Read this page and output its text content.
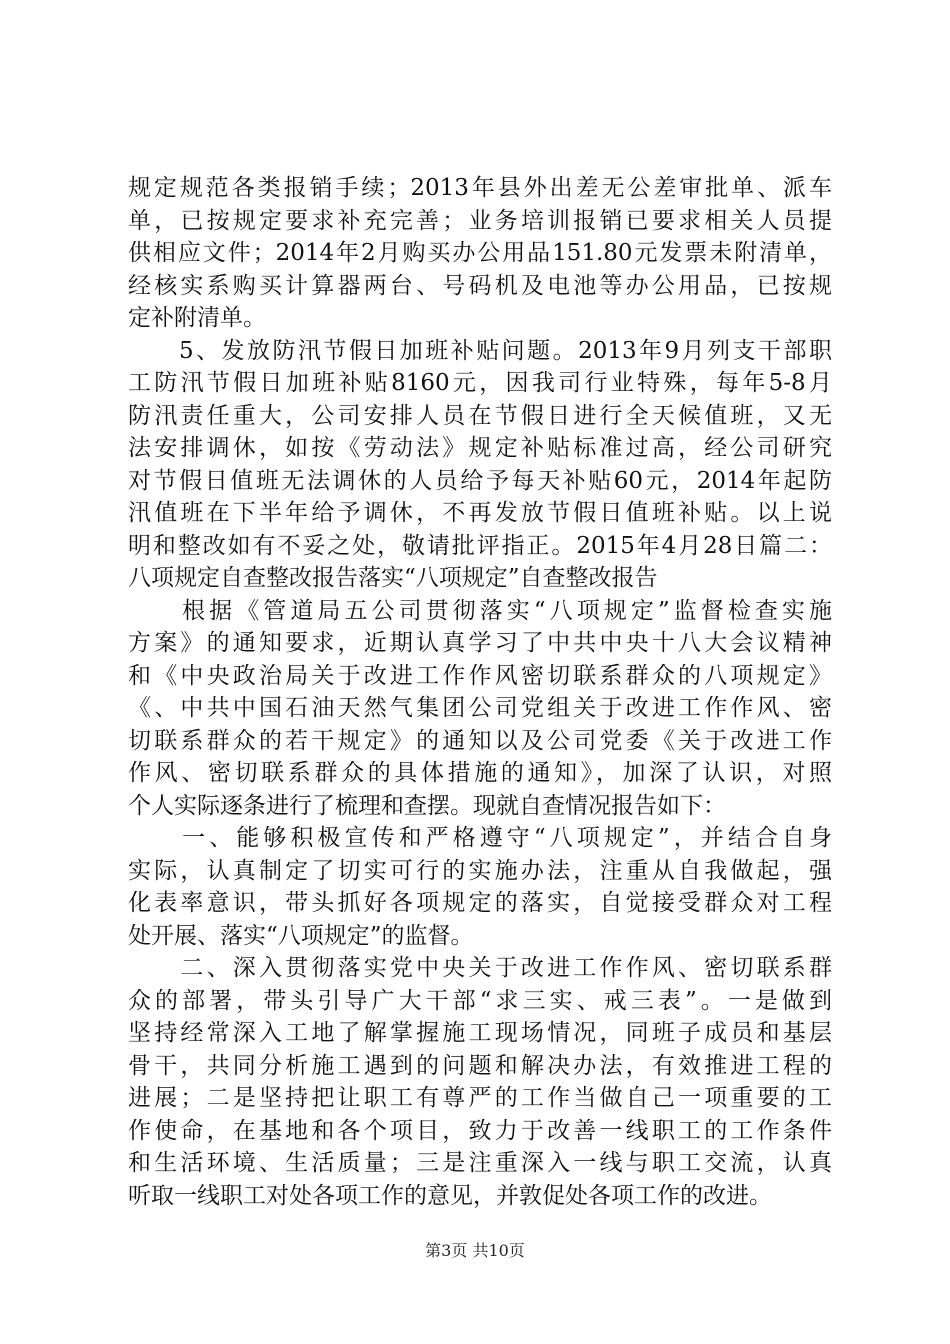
规定规范各类报销手续；2013年县外出差无公差审批单、派车
单，已按规定要求补充完善；业务培训报销已要求相关人员提
供相应文件；2014年2月购买办公用品151.80元发票未附清单，
经核实系购买计算器两台、号码机及电池等办公用品，已按规
定补附清单。
　　5、发放防汛节假日加班补贴问题。2013年9月列支干部职
工防汛节假日加班补贴8160元，因我司行业特殊，每年5-8月
防汛责任重大，公司安排人员在节假日进行全天候值班，又无
法安排调休，如按《劳动法》规定补贴标准过高，经公司研究
对节假日值班无法调休的人员给予每天补贴60元，2014年起防
汛值班在下半年给予调休，不再发放节假日值班补贴。以上说
明和整改如有不妥之处，敬请批评指正。2015年4月28日篇二：
八项规定自查整改报告落实“八项规定”自查整改报告
　　根据《管道局五公司贯彻落实“八项规定”监督检查实施
方案》的通知要求，近期认真学习了中共中央十八大会议精神
和《中央政治局关于改进工作作风密切联系群众的八项规定》
《、中共中国石油天然气集团公司党组关于改进工作作风、密
切联系群众的若干规定》的通知以及公司党委《关于改进工作
作风、密切联系群众的具体措施的通知》，加深了认识，对照
个人实际逐条进行了梳理和查摆。现就自查情况报告如下：
　　一、能够积极宣传和严格遵守“八项规定”，并结合自身
实际，认真制定了切实可行的实施办法，注重从自我做起，强
化表率意识，带头抓好各项规定的落实，自觉接受群众对工程
处开展、落实“八项规定”的监督。
　　二、深入贯彻落实党中央关于改进工作作风、密切联系群
众的部署，带头引导广大干部“求三实、戒三表”。一是做到
坚持经常深入工地了解掌握施工现场情况，同班子成员和基层
骨干，共同分析施工遇到的问题和解决办法，有效推进工程的
进展；二是坚持把让职工有尊严的工作当做自己一项重要的工
作使命，在基地和各个项目，致力于改善一线职工的工作条件
和生活环境、生活质量；三是注重深入一线与职工交流，认真
听取一线职工对处各项工作的意见，并敦促处各项工作的改进。
第3页 共10页
